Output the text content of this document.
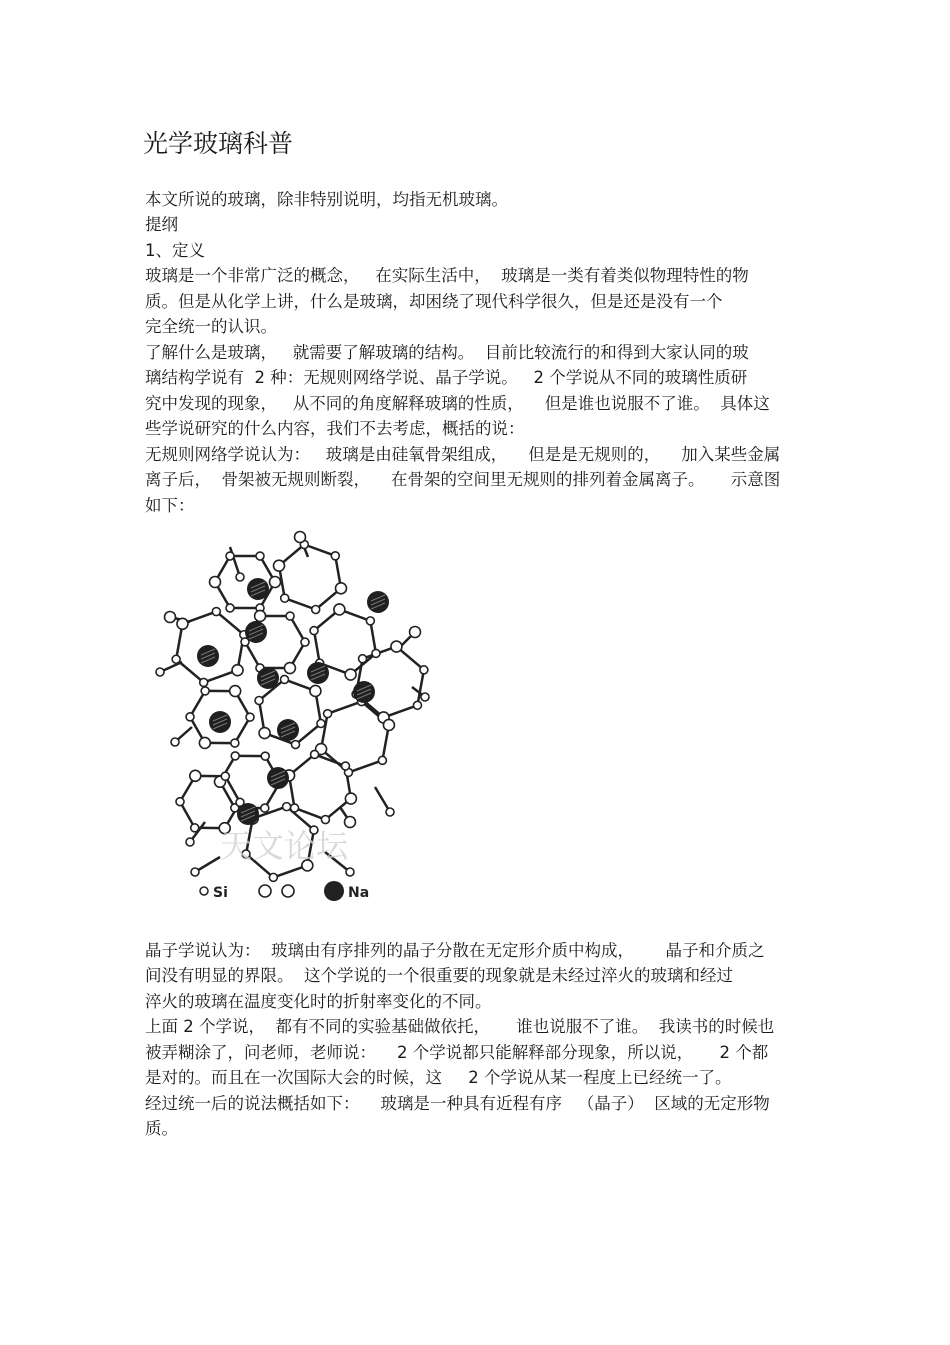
光学玻璃科普
本文所说的玻璃，除非特别说明，均指无机玻璃。
提纲
1、定义
玻璃是一个非常广泛的概念，   在实际生活中，  玻璃是一类有着类似物理特性的物
质。但是从化学上讲，什么是玻璃，却困绕了现代科学很久，但是还是没有一个
完全统一的认识。
了解什么是玻璃，   就需要了解玻璃的结构。  目前比较流行的和得到大家认同的玻
璃结构学说有  2 种：无规则网络学说、晶子学说。   2 个学说从不同的玻璃性质研
究中发现的现象，   从不同的角度解释玻璃的性质，    但是谁也说服不了谁。  具体这
些学说研究的什么内容，我们不去考虑，概括的说：
无规则网络学说认为：   玻璃是由硅氧骨架组成，    但是是无规则的，    加入某些金属
离子后，  骨架被无规则断裂，    在骨架的空间里无规则的排列着金属离子。     示意图
如下：
天文论坛
Si	Na
晶子学说认为：  玻璃由有序排列的晶子分散在无定形介质中构成，      晶子和介质之
间没有明显的界限。  这个学说的一个很重要的现象就是未经过淬火的玻璃和经过
淬火的玻璃在温度变化时的折射率变化的不同。
上面 2 个学说，  都有不同的实验基础做依托，     谁也说服不了谁。  我读书的时候也
被弄糊涂了，问老师，老师说：    2 个学说都只能解释部分现象，所以说，     2 个都
是对的。而且在一次国际大会的时候，这     2 个学说从某一程度上已经统一了。
经过统一后的说法概括如下：    玻璃是一种具有近程有序   （晶子）  区域的无定形物
质。
